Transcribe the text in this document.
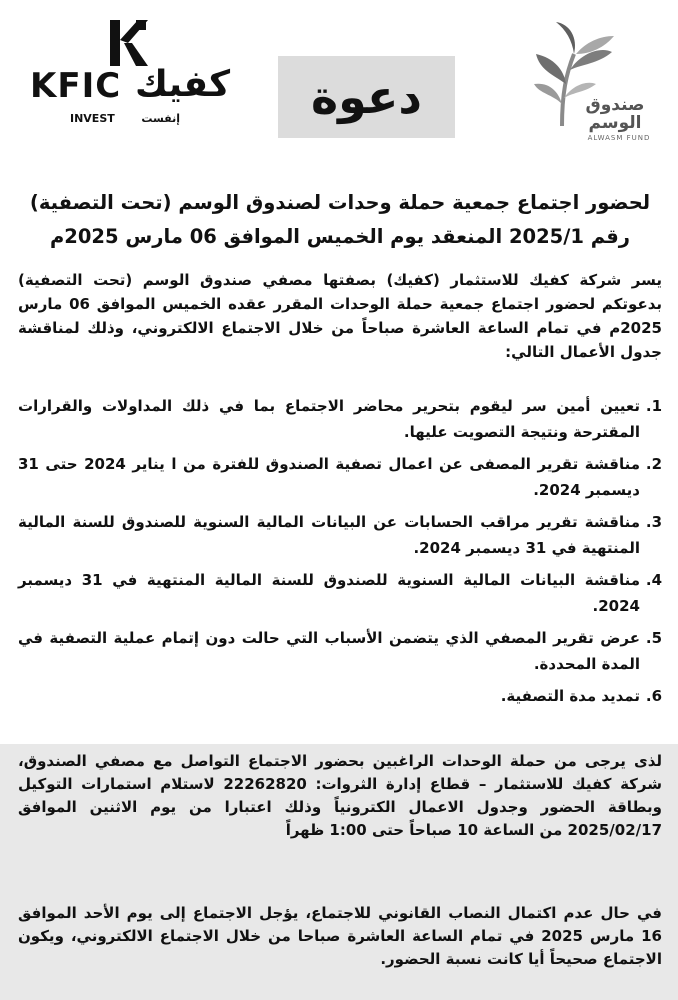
KFIC كفيك
INVEST إنفست	دعوة	صندوق
الوسم
ALWASM FUND
لحضور اجتماع جمعية حملة وحدات لصندوق الوسم (تحت التصفية)
رقم 2025/1 المنعقد يوم الخميس الموافق 06 مارس 2025م
يسر شركة كفيك للاستثمار (كفيك) بصفتها مصفي صندوق الوسم (تحت التصفية) بدعوتكم لحضور اجتماع جمعية حملة الوحدات المقرر عقده الخميس الموافق 06 مارس 2025م في تمام الساعة العاشرة صباحاً من خلال الاجتماع الالكتروني، وذلك لمناقشة جدول الأعمال التالي:
1.
تعيين أمين سر ليقوم بتحرير محاضر الاجتماع بما في ذلك المداولات والقرارات المقترحة ونتيجة التصويت عليها.
2.
مناقشة تقرير المصفى عن اعمال تصفية الصندوق للفترة من ا يناير 2024 حتى 31 ديسمبر 2024.
3.
مناقشة تقرير مراقب الحسابات عن البيانات المالية السنوية للصندوق للسنة المالية المنتهية في 31 ديسمبر 2024.
4.
مناقشة البيانات المالية السنوية للصندوق للسنة المالية المنتهية في 31 ديسمبر 2024.
5.
عرض تقرير المصفي الذي يتضمن الأسباب التي حالت دون إتمام عملية التصفية في المدة المحددة.
6.
تمديد مدة التصفية.
لذى يرجى من حملة الوحدات الراغبين بحضور الاجتماع التواصل مع مصفي الصندوق، شركة كفيك للاستثمار – قطاع إدارة الثروات: 22262820 لاستلام استمارات التوكيل وبطاقة الحضور وجدول الاعمال الكترونياً وذلك اعتبارا من يوم الاثنين الموافق 2025/02/17 من الساعة 10 صباحاً حتى 1:00 ظهراً
في حال عدم اكتمال النصاب القانوني للاجتماع، يؤجل الاجتماع إلى يوم الأحد الموافق 16 مارس 2025 في تمام الساعة العاشرة صباحا من خلال الاجتماع الالكتروني، ويكون الاجتماع صحيحاً أيا كانت نسبة الحضور.
